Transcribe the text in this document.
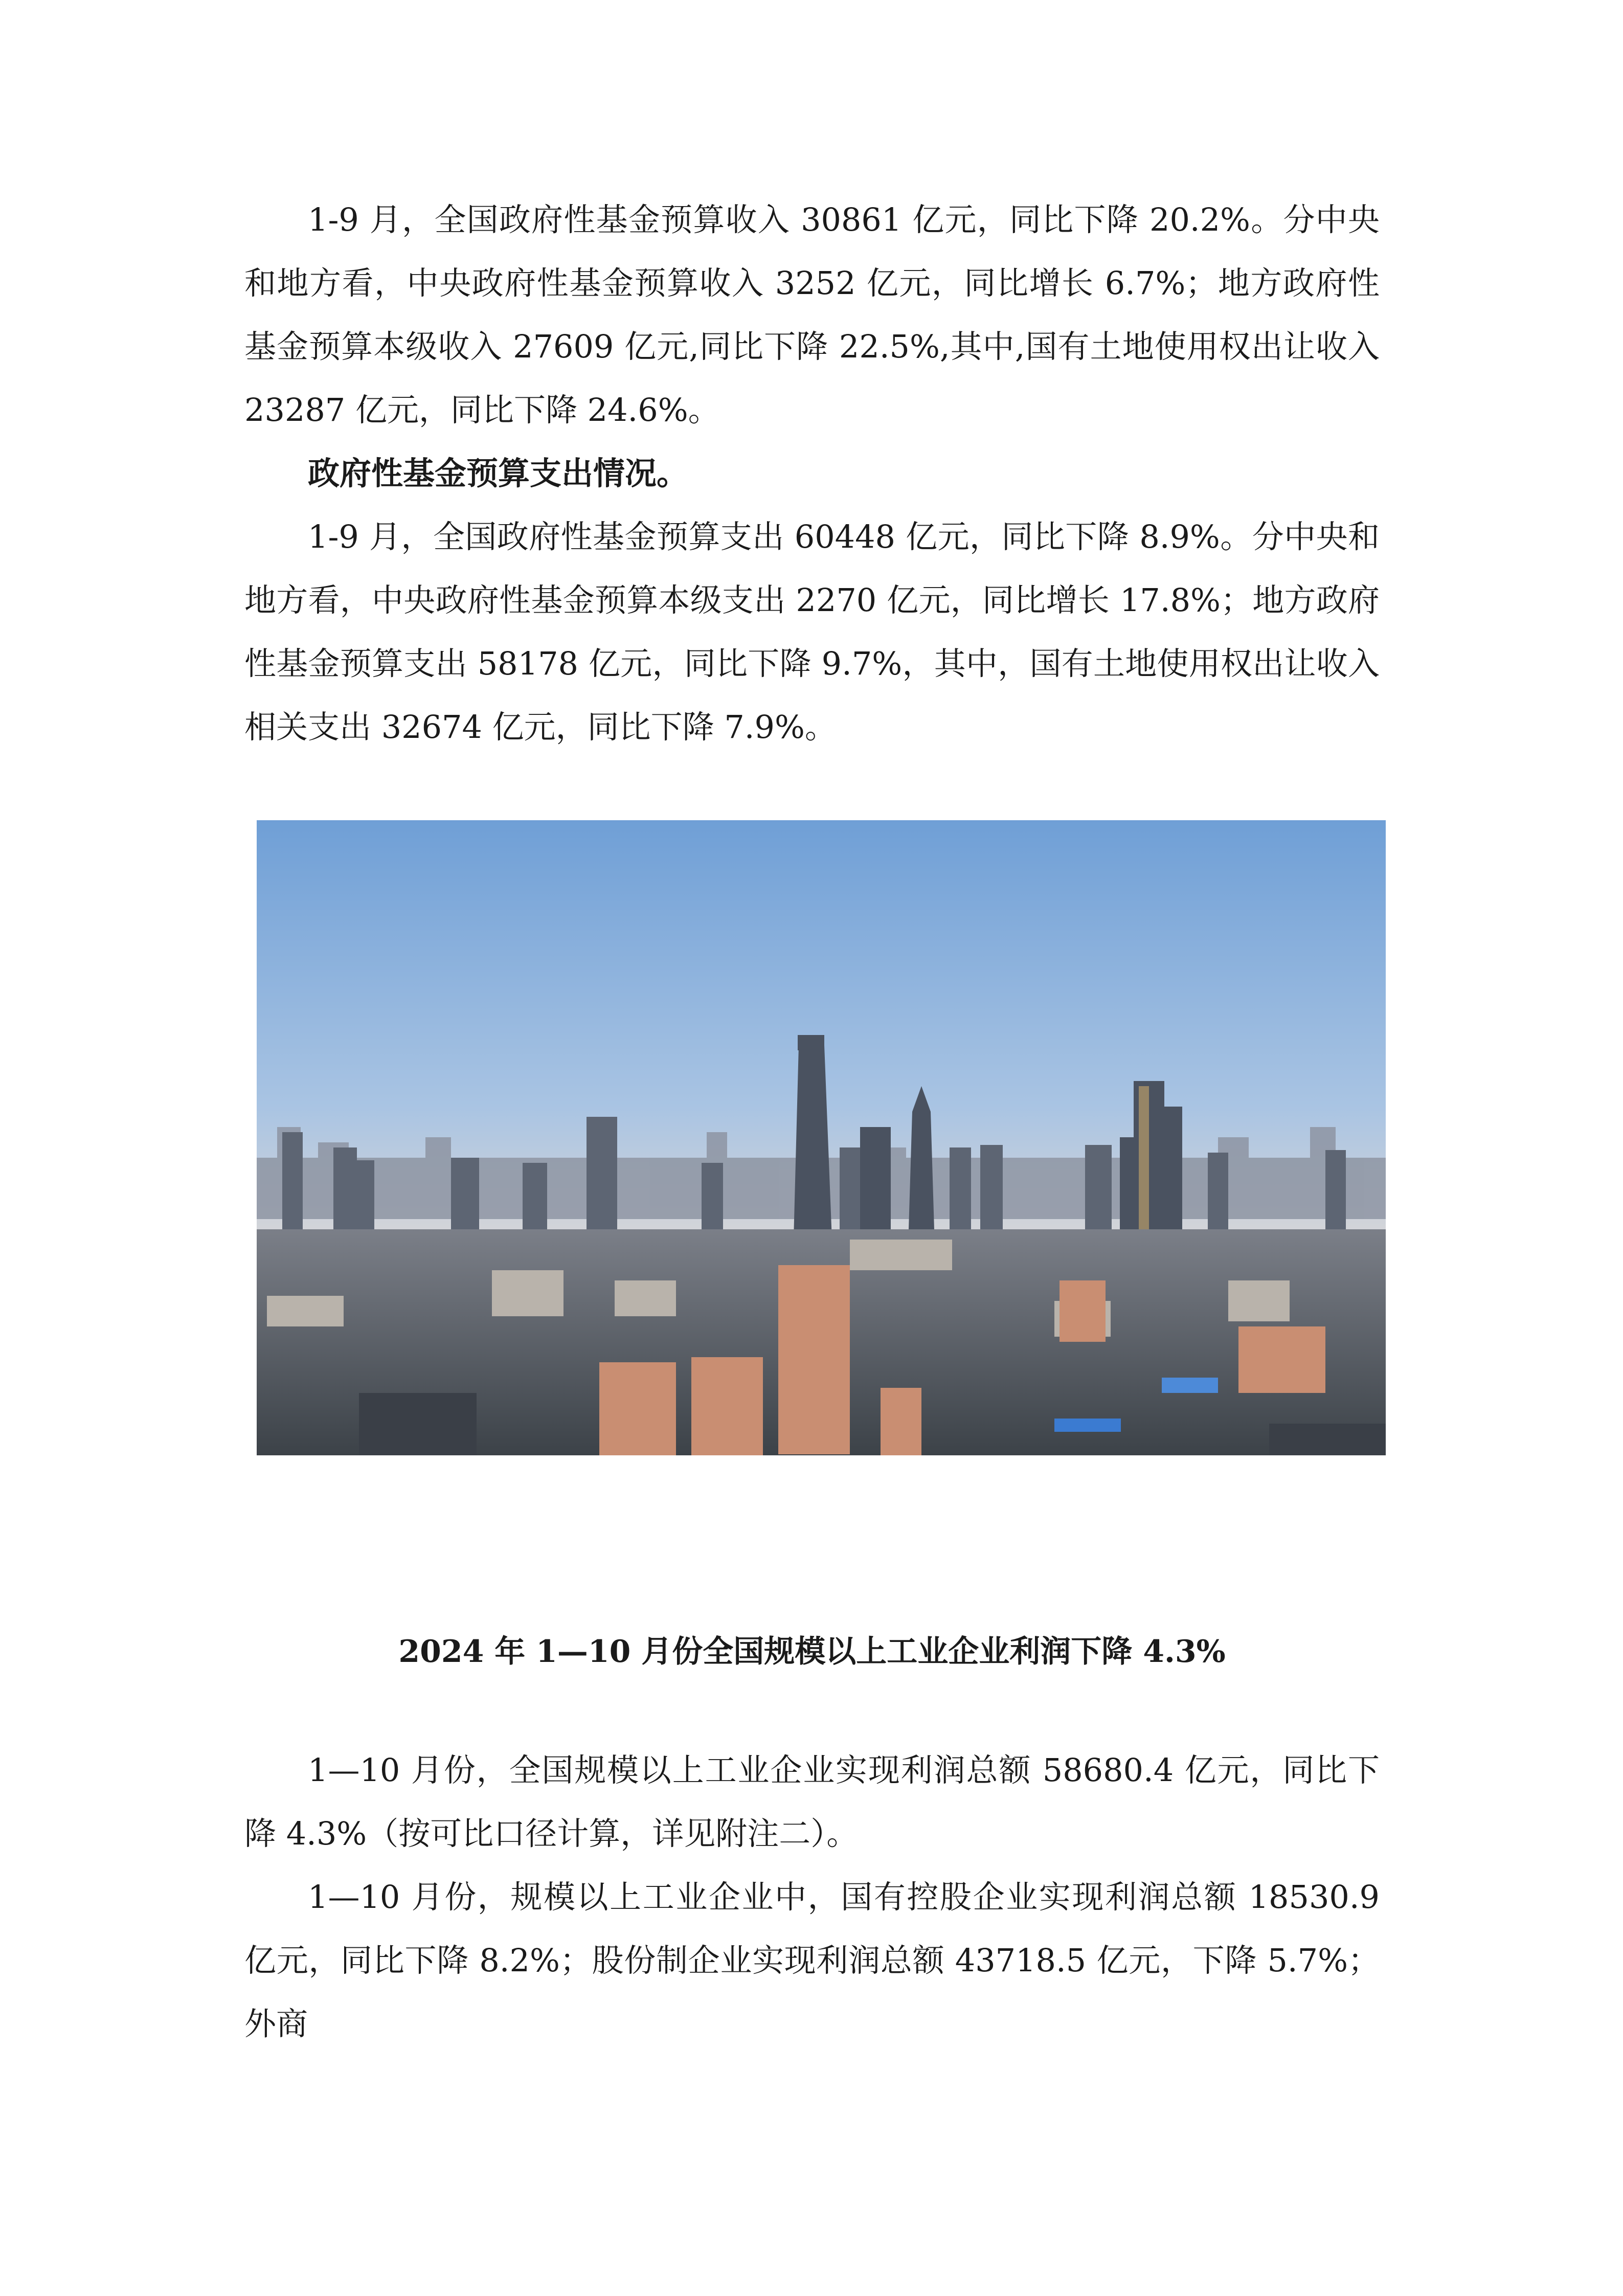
1-9 月，全国政府性基金预算收入 30861 亿元，同比下降 20.2%。分中央和地方看，中央政府性基金预算收入 3252 亿元，同比增长 6.7%；地方政府性基金预算本级收入 27609 亿元,同比下降 22.5%,其中,国有土地使用权出让收入 23287 亿元，同比下降 24.6%。

政府性基金预算支出情况。

1-9 月，全国政府性基金预算支出 60448 亿元，同比下降 8.9%。分中央和地方看，中央政府性基金预算本级支出 2270 亿元，同比增长 17.8%；地方政府性基金预算支出 58178 亿元，同比下降 9.7%，其中，国有土地使用权出让收入相关支出 32674 亿元，同比下降 7.9%。

2024 年 1—10 月份全国规模以上工业企业利润下降 4.3%

1—10 月份，全国规模以上工业企业实现利润总额 58680.4 亿元，同比下降 4.3%（按可比口径计算，详见附注二）。

1—10 月份，规模以上工业企业中，国有控股企业实现利润总额 18530.9 亿元，同比下降 8.2%；股份制企业实现利润总额 43718.5 亿元，下降 5.7%；外商
